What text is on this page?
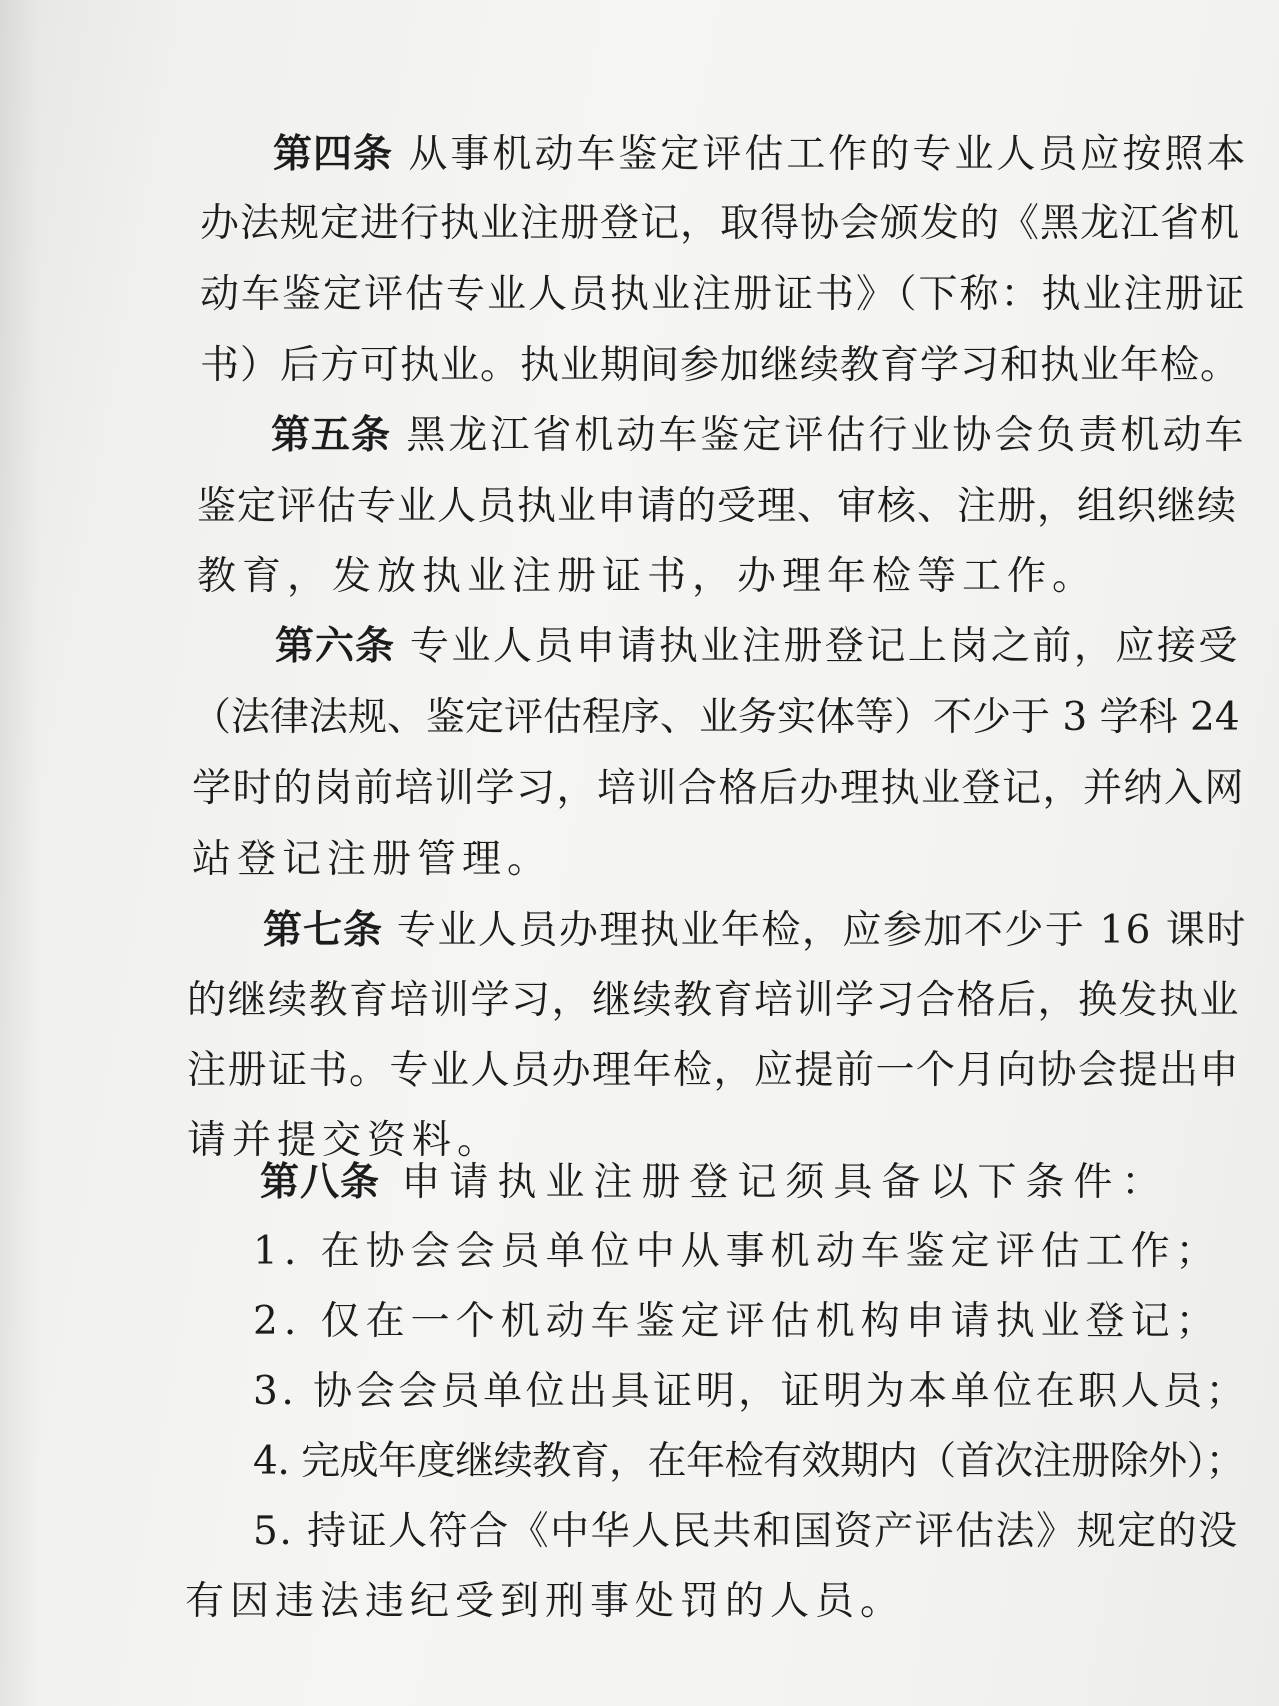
第四条 从事机动车鉴定评估工作的专业人员应按照本
办法规定进行执业注册登记，取得协会颁发的《黑龙江省机
动车鉴定评估专业人员执业注册证书》（下称：执业注册证
书）后方可执业。执业期间参加继续教育学习和执业年检。
第五条 黑龙江省机动车鉴定评估行业协会负责机动车
鉴定评估专业人员执业申请的受理、审核、注册，组织继续
教育，发放执业注册证书，办理年检等工作。
第六条 专业人员申请执业注册登记上岗之前，应接受
（法律法规、鉴定评估程序、业务实体等）不少于 3 学科 24
学时的岗前培训学习，培训合格后办理执业登记，并纳入网
站登记注册管理。
第七条 专业人员办理执业年检，应参加不少于 16 课时
的继续教育培训学习，继续教育培训学习合格后，换发执业
注册证书。专业人员办理年检，应提前一个月向协会提出申
请并提交资料。
第八条 申请执业注册登记须具备以下条件：
1. 在协会会员单位中从事机动车鉴定评估工作；
2. 仅在一个机动车鉴定评估机构申请执业登记；
3. 协会会员单位出具证明，证明为本单位在职人员；
4. 完成年度继续教育，在年检有效期内（首次注册除外）；
5. 持证人符合《中华人民共和国资产评估法》规定的没
有因违法违纪受到刑事处罚的人员。
